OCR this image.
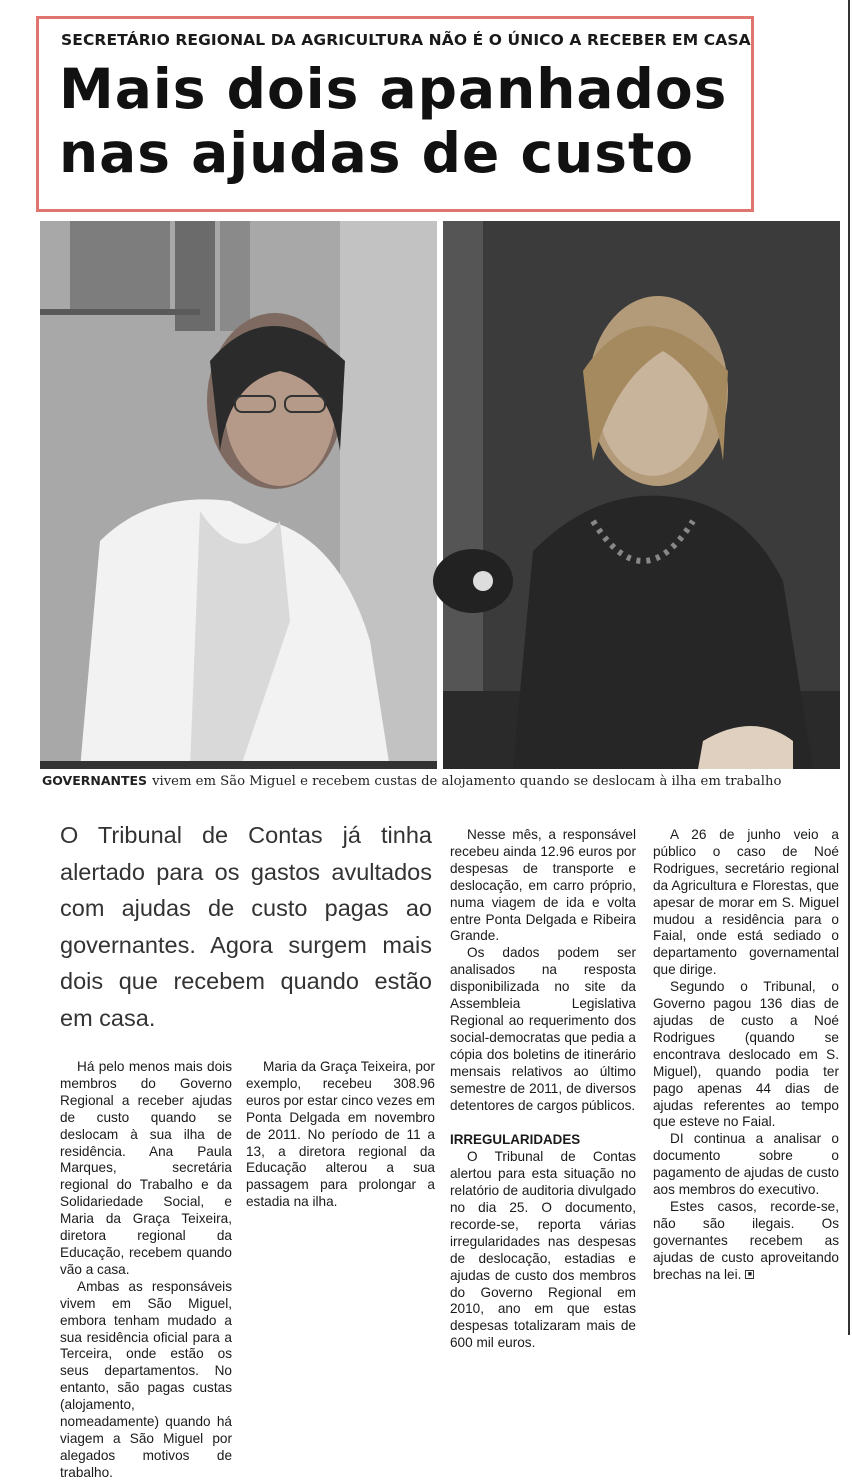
SECRETÁRIO REGIONAL DA AGRICULTURA NÃO É O ÚNICO A RECEBER EM CASA
Mais dois apanhados nas ajudas de custo
GOVERNANTES vivem em São Miguel e recebem custas de alojamento quando se deslocam à ilha em trabalho
O Tribunal de Contas já tinha alertado para os gastos avultados com ajudas de custo pagas ao governantes. Agora surgem mais dois que recebem quando estão em casa.

Há pelo menos mais dois membros do Governo Regional a receber ajudas de custo quando se deslocam à sua ilha de residência. Ana Paula Marques, secretária regional do Trabalho e da Solidariedade Social, e Maria da Graça Teixeira, diretora regional da Educação, recebem quando vão a casa.

Ambas as responsáveis vivem em São Miguel, embora tenham mudado a sua residência oficial para a Terceira, onde estão os seus departamentos. No entanto, são pagas custas (alojamento, nomeadamente) quando há viagem a São Miguel por alegados motivos de trabalho.

Maria da Graça Teixeira, por exemplo, recebeu 308.96 euros por estar cinco vezes em Ponta Delgada em novembro de 2011. No período de 11 a 13, a diretora regional da Educação alterou a sua passagem para prolongar a estadia na ilha.

Nesse mês, a responsável recebeu ainda 12.96 euros por despesas de transporte e deslocação, em carro próprio, numa viagem de ida e volta entre Ponta Delgada e Ribeira Grande.

Os dados podem ser analisados na resposta disponibilizada no site da Assembleia Legislativa Regional ao requerimento dos social-democratas que pedia a cópia dos boletins de itinerário mensais relativos ao último semestre de 2011, de diversos detentores de cargos públicos.

IRREGULARIDADES

O Tribunal de Contas alertou para esta situação no relatório de auditoria divulgado no dia 25. O documento, recorde-se, reporta várias irregularidades nas despesas de deslocação, estadias e ajudas de custo dos membros do Governo Regional em 2010, ano em que estas despesas totalizaram mais de 600 mil euros.

A 26 de junho veio a público o caso de Noé Rodrigues, secretário regional da Agricultura e Florestas, que apesar de morar em S. Miguel mudou a residência para o Faial, onde está sediado o departamento governamental que dirige.

Segundo o Tribunal, o Governo pagou 136 dias de ajudas de custo a Noé Rodrigues (quando se encontrava deslocado em S. Miguel), quando podia ter pago apenas 44 dias de ajudas referentes ao tempo que esteve no Faial.

DI continua a analisar o documento sobre o pagamento de ajudas de custo aos membros do executivo.

Estes casos, recorde-se, não são ilegais. Os governantes recebem as ajudas de custo aproveitando brechas na lei. ■
